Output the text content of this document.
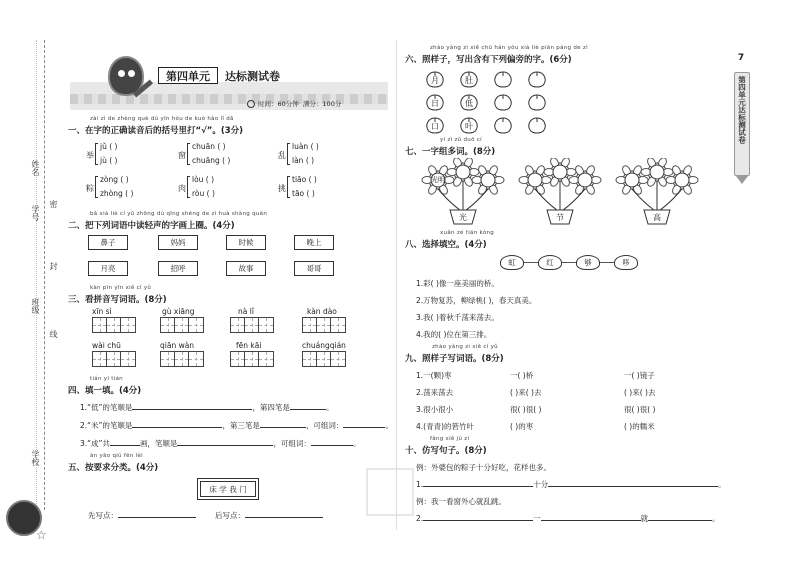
姓名
学号
班级
学校
密
封
线
☆
第四单元	达标测试卷
时间：60分钟 满分：100分
zài zì de zhèng què dú yīn hòu de kuò hào lǐ dǎ
一、在字的正确读音后的括号里打“√”。(3分)
举
jǔ ( )
jù ( )
窗
chuān ( )
chuāng ( )
乱
luàn ( )
làn ( )
粽
zòng ( )
zhòng ( )
肉
lòu ( )
ròu ( )
挑
tiāo ( )
tāo ( )
bǎ xià liè cí yǔ zhōng dú qīng shēng de zì huà shàng quān
二、把下列词语中读轻声的字画上圈。(4分)
鼻子	妈妈	时候	晚上
月亮	招呼	故事	哥哥
kàn pīn yīn xiě cí yǔ
三、看拼音写词语。(8分)
xīn sì	gù xiāng	nà lǐ	kàn dào
wài chū	qiān wàn	fēn kāi	chuángqián
tián yi tián
四、填一填。(4分)
1.“低”的笔顺是	，第四笔是	。
2.“米”的笔顺是	，第三笔是	，可组词：	。
3.“成”共	画，笔顺是	，可组词：	。
àn yāo qiú fēn lèi
五、按要求分类。(4分)
床 学 我 门
先写点：	后写点：
zhào yàng zi xiě chū hán yǒu xià liè piān páng de zì
六、照样子，写出含有下列偏旁的字。(6分)
月	肚
日	低
口	叶
yí zì zǔ duō cí
七、一字组多词。(8分)
光明
光	节	高
xuǎn zé tián kòng
八、选择填空。(4分)
虹	红	够	哆
1.彩( )像一座美丽的桥。
2.万物复苏，柳绿桃( )，春天真美。
3.我( )着秋千荡来荡去。
4.我的( )位在第三排。
zhào yàng zi xiě cí yǔ
九、照样子写词语。(8分)
1.一(颗)枣	一( )桥	一( )镜子
2.荡来荡去	( )来( )去	( )来( )去
3.很小很小	很( )很( )	很( )很( )
4.(青青)的箬竹叶	( )的枣	( )的糯米
fǎng xiě jù zi
十、仿写句子。(8分)
例：外婆包的粽子十分好吃，花样也多。
1.	十分	。
例：我一看窗外心就乱跳。
2.	一	就	。
7
第四单元达标测试卷
